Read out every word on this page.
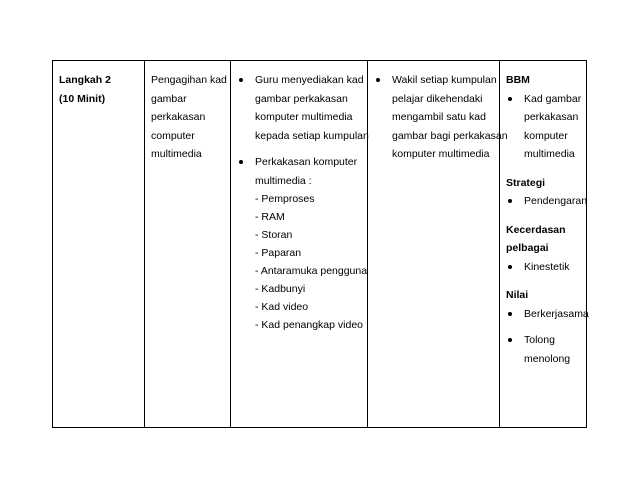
Langkah 2
(10 Minit)

Pengagihan kad
gambar
perkakasan
computer
multimedia

Guru menyediakan kad
gambar perkakasan
komputer multimedia
kepada setiap kumpulan
Perkakasan komputer
multimedia :
- Pemproses
- RAM
- Storan
- Paparan
- Antaramuka pengguna
- Kadbunyi
- Kad video
- Kad penangkap video

Wakil setiap kumpulan
pelajar dikehendaki
mengambil satu kad
gambar bagi perkakasan
komputer multimedia

BBM
Kad gambar
perkakasan
komputer
multimedia
Strategi
Pendengaran
Kecerdasan
pelbagai
Kinestetik
Nilai
Berkerjasama
Tolong
menolong
